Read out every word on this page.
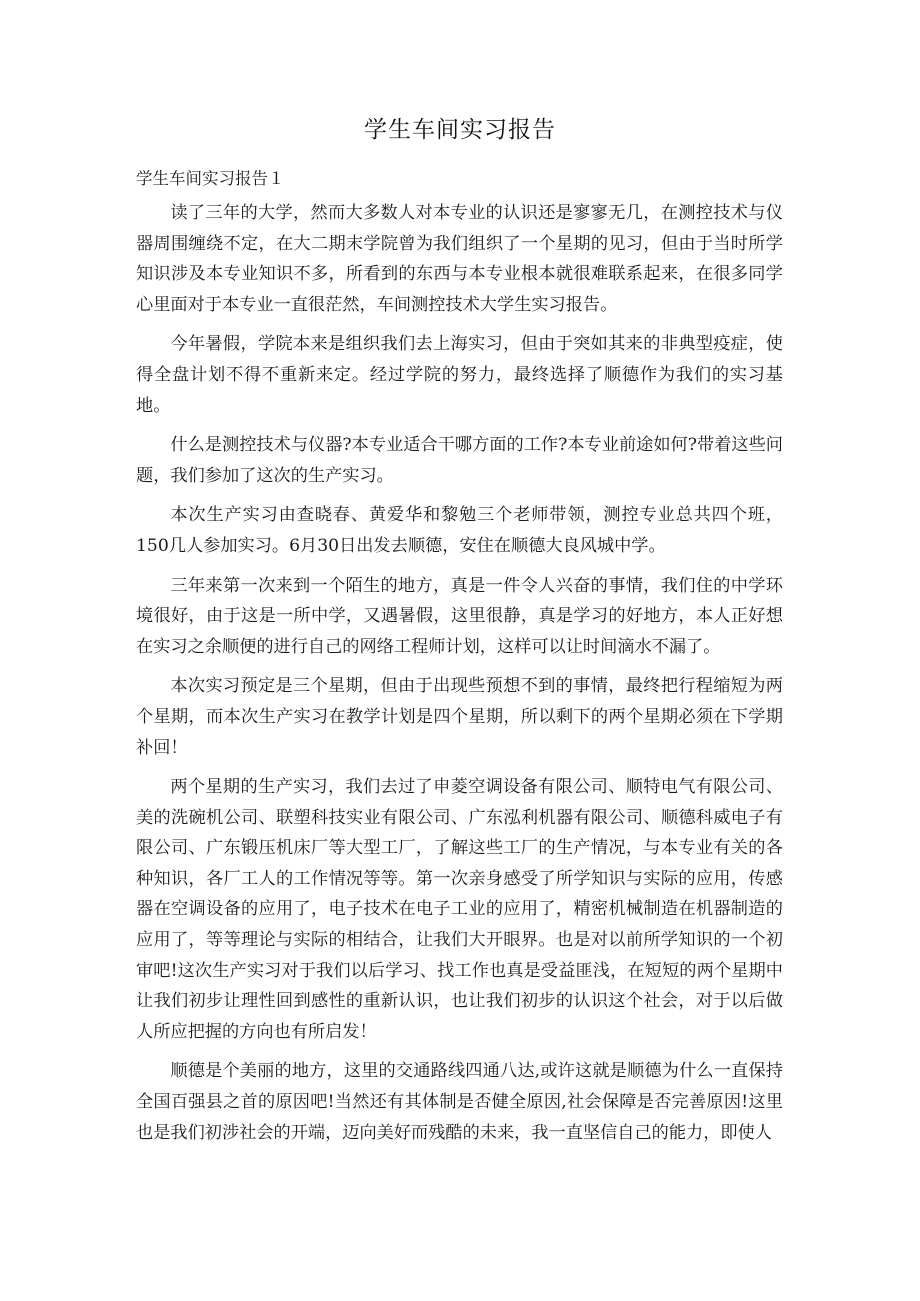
学生车间实习报告
学生车间实习报告１

读了三年的大学，然而大多数人对本专业的认识还是寥寥无几，在测控技术与仪器周围缠绕不定，在大二期末学院曾为我们组织了一个星期的见习，但由于当时所学知识涉及本专业知识不多，所看到的东西与本专业根本就很难联系起来，在很多同学心里面对于本专业一直很茫然，车间测控技术大学生实习报告。

今年暑假，学院本来是组织我们去上海实习，但由于突如其来的非典型疫症，使得全盘计划不得不重新来定。经过学院的努力，最终选择了顺德作为我们的实习基地。

什么是测控技术与仪器?本专业适合干哪方面的工作?本专业前途如何?带着这些问题，我们参加了这次的生产实习。

本次生产实习由查晓春、黄爱华和黎勉三个老师带领，测控专业总共四个班，150几人参加实习。6月30日出发去顺德，安住在顺德大良风城中学。

三年来第一次来到一个陌生的地方，真是一件令人兴奋的事情，我们住的中学环境很好，由于这是一所中学，又遇暑假，这里很静，真是学习的好地方，本人正好想在实习之余顺便的进行自己的网络工程师计划，这样可以让时间滴水不漏了。

本次实习预定是三个星期，但由于出现些预想不到的事情，最终把行程缩短为两个星期，而本次生产实习在教学计划是四个星期，所以剩下的两个星期必须在下学期补回！

两个星期的生产实习，我们去过了申菱空调设备有限公司、顺特电气有限公司、美的洗碗机公司、联塑科技实业有限公司、广东泓利机器有限公司、顺德科威电子有限公司、广东锻压机床厂等大型工厂，了解这些工厂的生产情况，与本专业有关的各种知识，各厂工人的工作情况等等。第一次亲身感受了所学知识与实际的应用，传感器在空调设备的应用了，电子技术在电子工业的应用了，精密机械制造在机器制造的应用了，等等理论与实际的相结合，让我们大开眼界。也是对以前所学知识的一个初审吧!这次生产实习对于我们以后学习、找工作也真是受益匪浅，在短短的两个星期中让我们初步让理性回到感性的重新认识，也让我们初步的认识这个社会，对于以后做人所应把握的方向也有所启发！

顺德是个美丽的地方，这里的交通路线四通八达,或许这就是顺德为什么一直保持全国百强县之首的原因吧!当然还有其体制是否健全原因,社会保障是否完善原因!这里也是我们初涉社会的开端，迈向美好而残酷的未来，我一直坚信自己的能力，即使人
